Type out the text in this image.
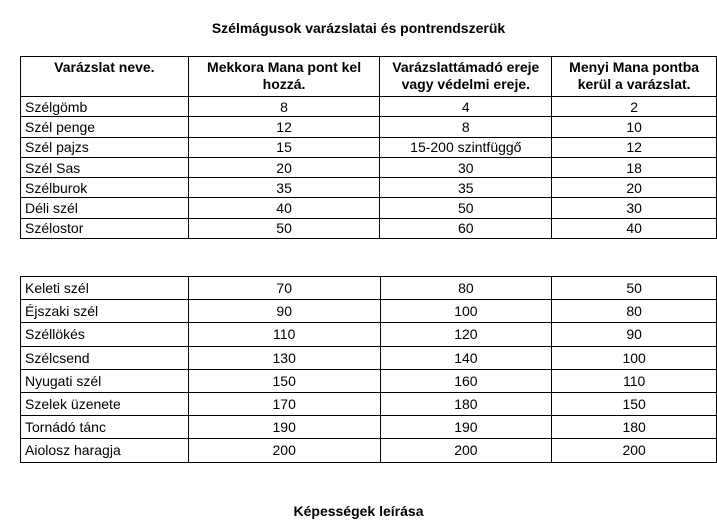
Szélmágusok varázslatai és pontrendszerük
Varázslat neve.	Mekkora Mana pont kel hozzá.	Varázslattámadó ereje vagy védelmi ereje.	Menyi Mana pontba kerül a varázslat.
Szélgömb	8	4	2
Szél penge	12	8	10
Szél pajzs	15	15-200 szintfüggő	12
Szél Sas	20	30	18
Szélburok	35	35	20
Déli szél	40	50	30
Szélostor	50	60	40
Keleti szél	70	80	50
Éjszaki szél	90	100	80
Széllökés	110	120	90
Szélcsend	130	140	100
Nyugati szél	150	160	110
Szelek üzenete	170	180	150
Tornádó tánc	190	190	180
Aiolosz haragja	200	200	200
Képességek leírása
